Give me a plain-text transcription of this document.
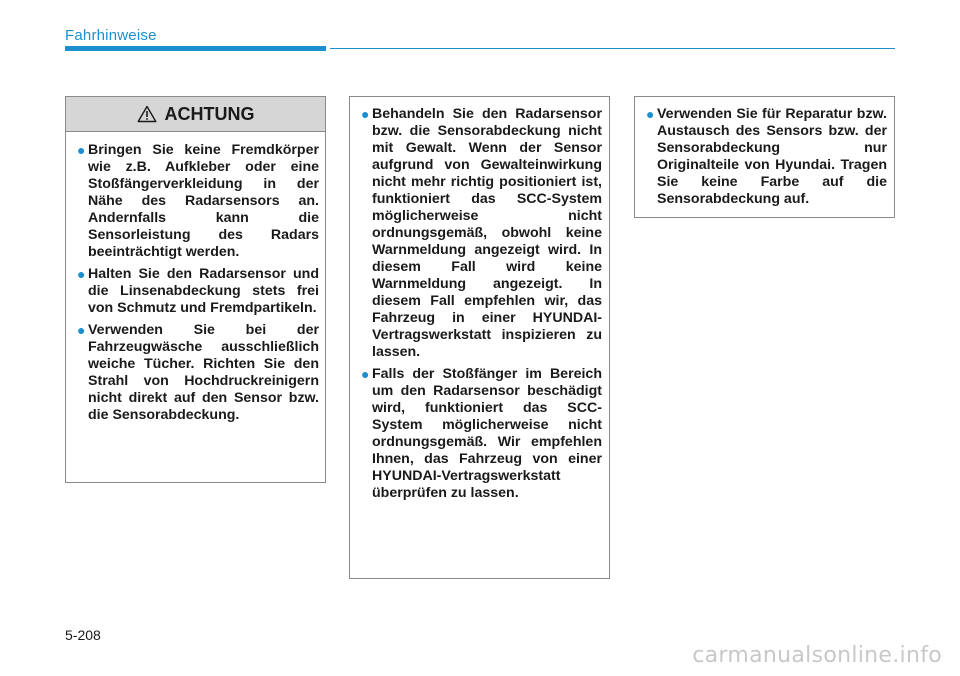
Fahrhinweise
ACHTUNG
● Bringen Sie keine Fremdkörper wie z.B. Aufkleber oder eine Stoßfängerverkleidung in der Nähe des Radarsensors an. Andernfalls kann die Sensorleistung des Radars beeinträchtigt werden.
● Halten Sie den Radarsensor und die Linsenabdeckung stets frei von Schmutz und Fremdpartikeln.
● Verwenden Sie bei der Fahrzeugwäsche ausschließlich weiche Tücher. Richten Sie den Strahl von Hochdruckreinigern nicht direkt auf den Sensor bzw. die Sensorabdeckung.
● Behandeln Sie den Radarsensor bzw. die Sensorabdeckung nicht mit Gewalt. Wenn der Sensor aufgrund von Gewalteinwirkung nicht mehr richtig positioniert ist, funktioniert das SCC-System möglicherweise nicht ordnungsgemäß, obwohl keine Warnmeldung angezeigt wird. In diesem Fall wird keine Warnmeldung angezeigt. In diesem Fall empfehlen wir, das Fahrzeug in einer HYUNDAI-Vertragswerkstatt inspizieren zu lassen.
● Falls der Stoßfänger im Bereich um den Radarsensor beschädigt wird, funktioniert das SCC-System möglicherweise nicht ordnungsgemäß. Wir empfehlen Ihnen, das Fahrzeug von einer HYUNDAI-Vertragswerkstatt überprüfen zu lassen.
● Verwenden Sie für Reparatur bzw. Austausch des Sensors bzw. der Sensorabdeckung nur Originalteile von Hyundai. Tragen Sie keine Farbe auf die Sensorabdeckung auf.
5-208
carmanualsonline.info
